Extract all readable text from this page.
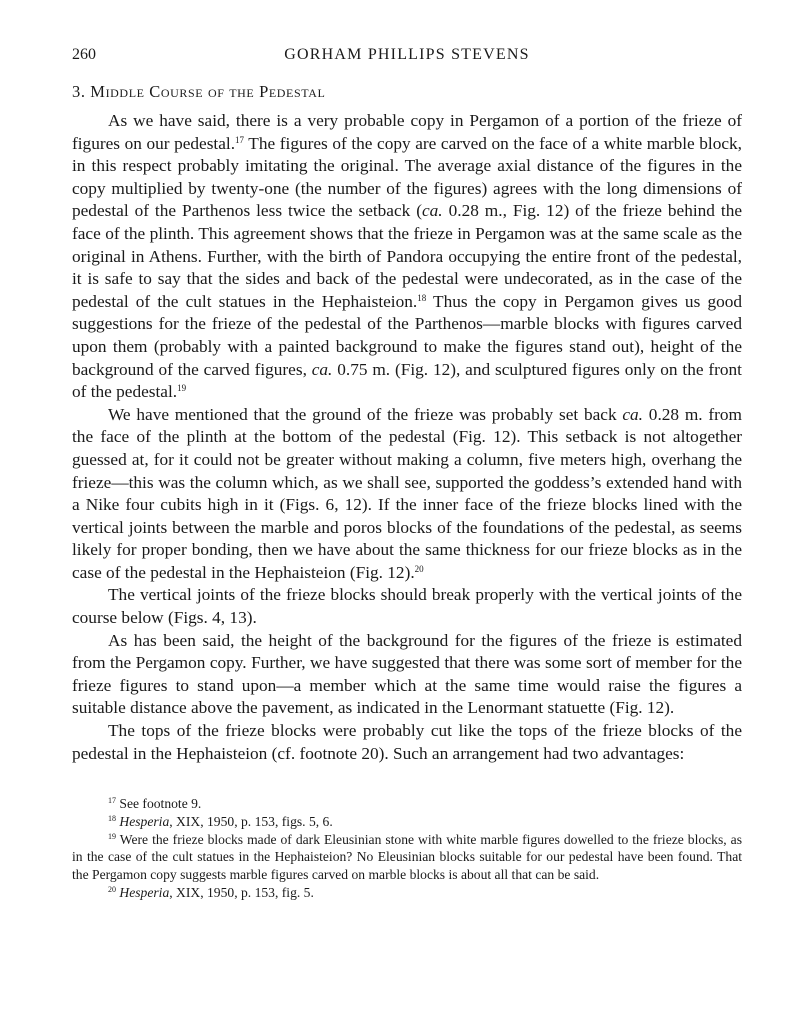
260	GORHAM PHILLIPS STEVENS
3. Middle Course of the Pedestal

As we have said, there is a very probable copy in Pergamon of a portion of the frieze of figures on our pedestal.$^{17}$ The figures of the copy are carved on the face of a white marble block, in this respect probably imitating the original. The average axial distance of the figures in the copy multiplied by twenty-one (the number of the figures) agrees with the long dimensions of pedestal of the Parthenos less twice the setback (ca. 0.28 m., Fig. 12) of the frieze behind the face of the plinth. This agreement shows that the frieze in Pergamon was at the same scale as the original in Athens. Further, with the birth of Pandora occupying the entire front of the pedestal, it is safe to say that the sides and back of the pedestal were undecorated, as in the case of the pedestal of the cult statues in the Hephaisteion.$^{18}$ Thus the copy in Pergamon gives us good suggestions for the frieze of the pedestal of the Parthenos—marble blocks with figures carved upon them (probably with a painted background to make the figures stand out), height of the background of the carved figures, ca. 0.75 m. (Fig. 12), and sculptured figures only on the front of the pedestal.$^{19}$

We have mentioned that the ground of the frieze was probably set back ca. 0.28 m. from the face of the plinth at the bottom of the pedestal (Fig. 12). This setback is not altogether guessed at, for it could not be greater without making a column, five meters high, overhang the frieze—this was the column which, as we shall see, supported the goddess’s extended hand with a Nike four cubits high in it (Figs. 6, 12). If the inner face of the frieze blocks lined with the vertical joints between the marble and poros blocks of the foundations of the pedestal, as seems likely for proper bonding, then we have about the same thickness for our frieze blocks as in the case of the pedestal in the Hephaisteion (Fig. 12).$^{20}$

The vertical joints of the frieze blocks should break properly with the vertical joints of the course below (Figs. 4, 13).

As has been said, the height of the background for the figures of the frieze is estimated from the Pergamon copy. Further, we have suggested that there was some sort of member for the frieze figures to stand upon—a member which at the same time would raise the figures a suitable distance above the pavement, as indicated in the Lenormant statuette (Fig. 12).

The tops of the frieze blocks were probably cut like the tops of the frieze blocks of the pedestal in the Hephaisteion (cf. footnote 20). Such an arrangement had two advantages:

$^{17}$ See footnote 9.

$^{18}$ Hesperia, XIX, 1950, p. 153, figs. 5, 6.

$^{19}$ Were the frieze blocks made of dark Eleusinian stone with white marble figures dowelled to the frieze blocks, as in the case of the cult statues in the Hephaisteion? No Eleusinian blocks suitable for our pedestal have been found. That the Pergamon copy suggests marble figures carved on marble blocks is about all that can be said.

$^{20}$ Hesperia, XIX, 1950, p. 153, fig. 5.
